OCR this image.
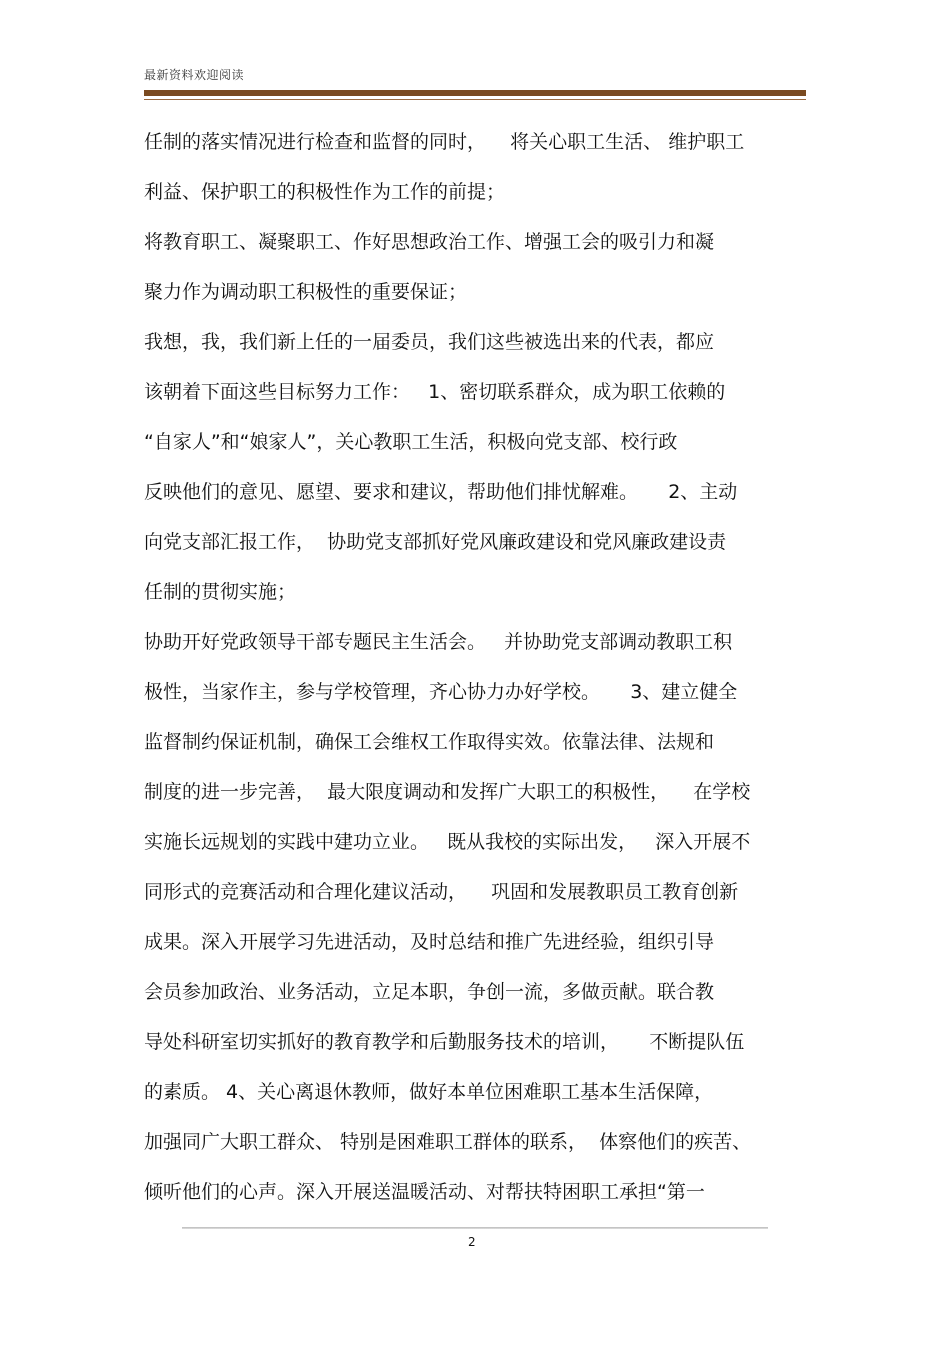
最新资料欢迎阅读
任制的落实情况进行检查和监督的同时，    将关心职工生活、 维护职工
利益、保护职工的积极性作为工作的前提；
将教育职工、凝聚职工、作好思想政治工作、增强工会的吸引力和凝
聚力作为调动职工积极性的重要保证；
我想，我，我们新上任的一届委员，我们这些被选出来的代表，都应
该朝着下面这些目标努力工作：   1、密切联系群众，成为职工依赖的
“自家人”和“娘家人”，关心教职工生活，积极向党支部、校行政
反映他们的意见、愿望、要求和建议，帮助他们排忧解难。     2、主动
向党支部汇报工作，  协助党支部抓好党风廉政建设和党风廉政建设责
任制的贯彻实施；
协助开好党政领导干部专题民主生活会。   并协助党支部调动教职工积
极性，当家作主，参与学校管理，齐心协力办好学校。     3、建立健全
监督制约保证机制，确保工会维权工作取得实效。依靠法律、法规和
制度的进一步完善，  最大限度调动和发挥广大职工的积极性，    在学校
实施长远规划的实践中建功立业。   既从我校的实际出发，   深入开展不
同形式的竞赛活动和合理化建议活动，    巩固和发展教职员工教育创新
成果。深入开展学习先进活动，及时总结和推广先进经验，组织引导
会员参加政治、业务活动，立足本职，争创一流，多做贡献。联合教
导处科研室切实抓好的教育教学和后勤服务技术的培训，     不断提队伍
的素质。 4、关心离退休教师，做好本单位困难职工基本生活保障，
加强同广大职工群众、 特别是困难职工群体的联系，  体察他们的疾苦、
倾听他们的心声。深入开展送温暖活动、对帮扶特困职工承担“第一
2
